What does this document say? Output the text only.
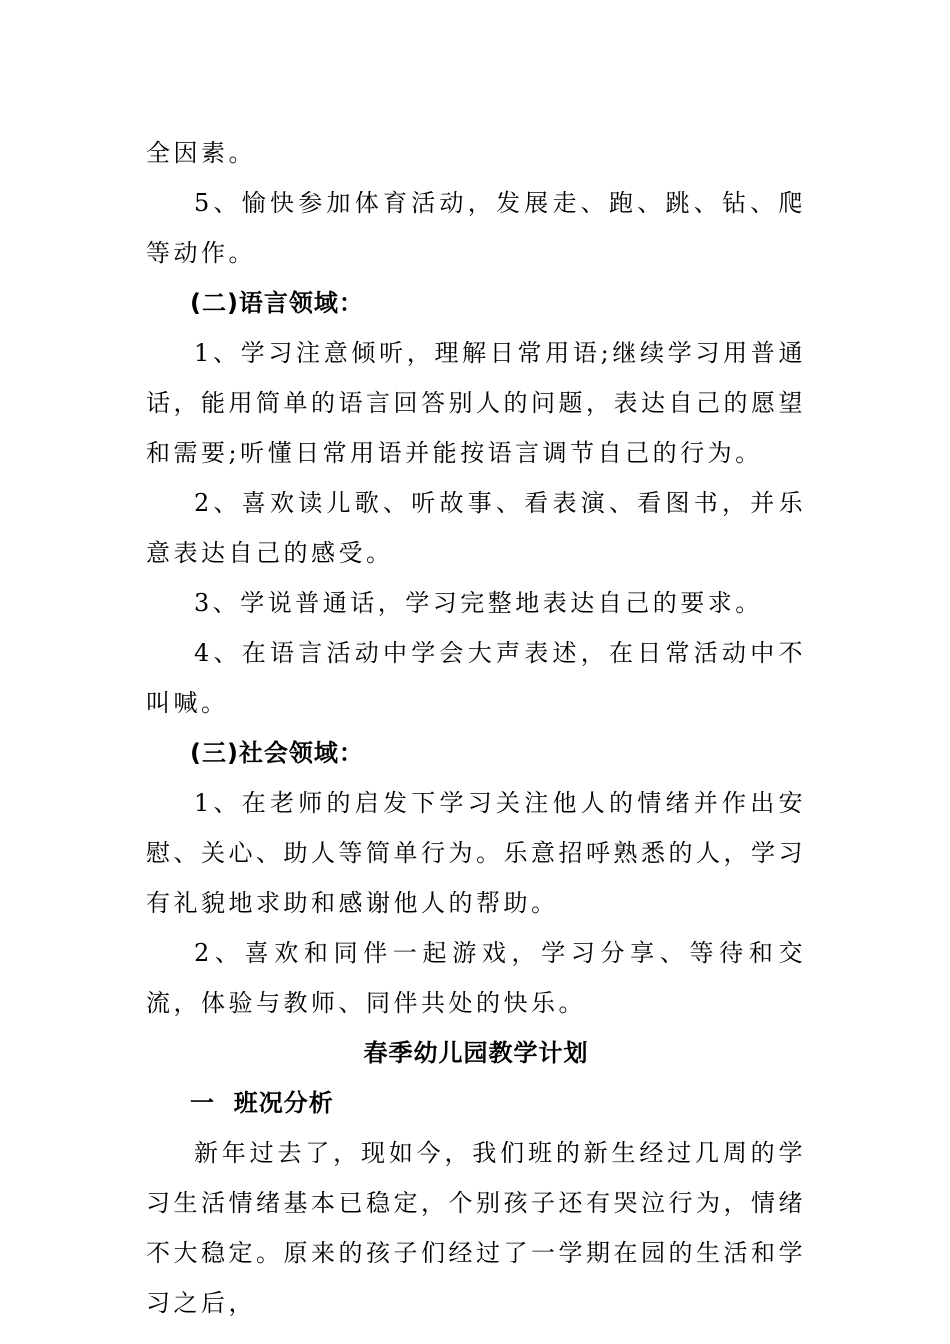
全因素。

5、愉快参加体育活动，发展走、跑、跳、钻、爬等动作。

(二)语言领域：

1、学习注意倾听，理解日常用语;继续学习用普通话，能用简单的语言回答别人的问题，表达自己的愿望和需要;听懂日常用语并能按语言调节自己的行为。

2、喜欢读儿歌、听故事、看表演、看图书，并乐意表达自己的感受。

3、学说普通话，学习完整地表达自己的要求。

4、在语言活动中学会大声表述，在日常活动中不叫喊。

(三)社会领域：

1、在老师的启发下学习关注他人的情绪并作出安慰、关心、助人等简单行为。乐意招呼熟悉的人，学习有礼貌地求助和感谢他人的帮助。

2、喜欢和同伴一起游戏，学习分享、等待和交流，体验与教师、同伴共处的快乐。

春季幼儿园教学计划

一  班况分析

新年过去了，现如今，我们班的新生经过几周的学习生活情绪基本已稳定，个别孩子还有哭泣行为，情绪不大稳定。原来的孩子们经过了一学期在园的生活和学习之后，
